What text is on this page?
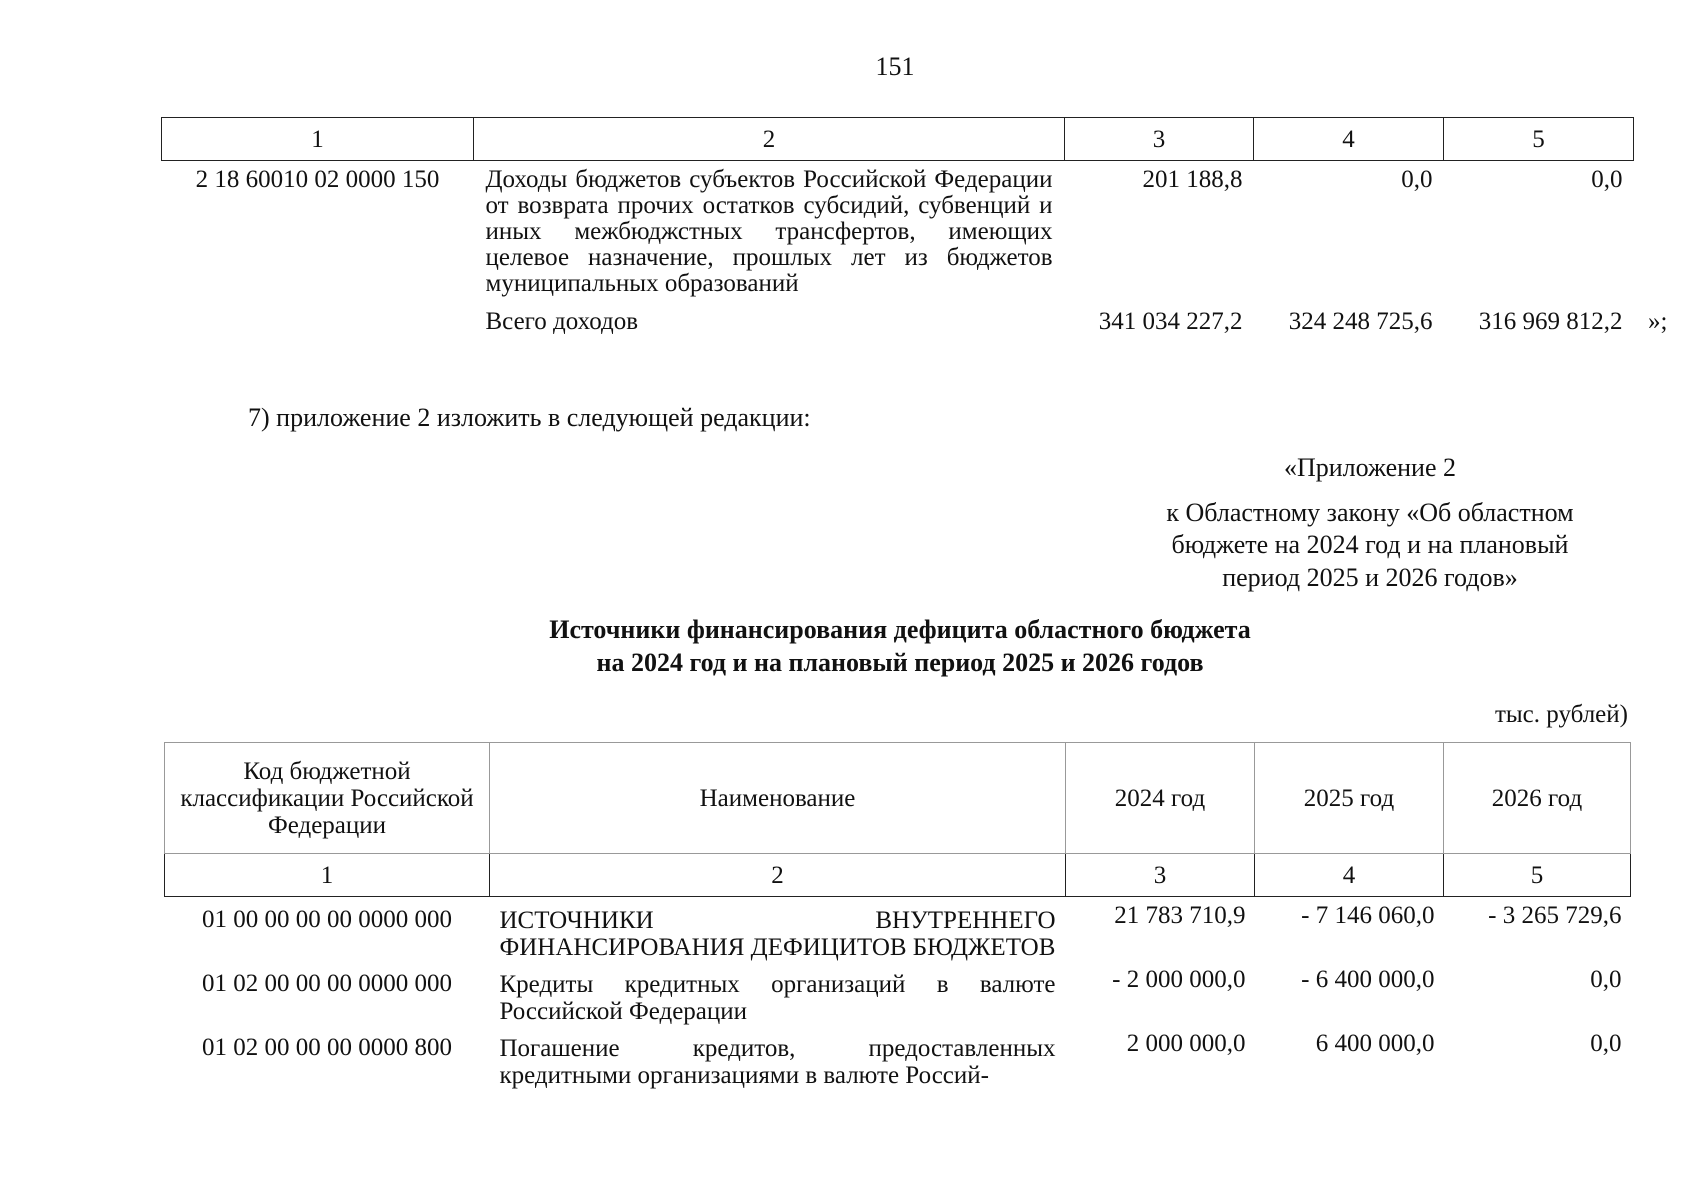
151
1	2	3	4	5
2 18 60010 02 0000 150	Доходы бюджетов субъектов Российской Федерации от возврата прочих остатков субсидий, субвенций и иных межбюджстных трансфертов, имеющих целевое назначение, прошлых лет из бюджетов муниципальных образований	201 188,8	0,0	0,0
	Всего доходов	341 034 227,2	324 248 725,6	316 969 812,2 »;
7) приложение 2 изложить в следующей редакции:
«Приложение 2
к Областному закону «Об областном
бюджете на 2024 год и на плановый
период 2025 и 2026 годов»
Источники финансирования дефицита областного бюджета
на 2024 год и на плановый период 2025 и 2026 годов
тыс. рублей)
Код бюджетной классификации Российской Федерации	Наименование	2024 год	2025 год	2026 год
1	2	3	4	5
01 00 00 00 00 0000 000	ИСТОЧНИКИ ВНУТРЕННЕГО ФИНАНСИРОВАНИЯ ДЕФИЦИТОВ БЮДЖЕТОВ	21 783 710,9	- 7 146 060,0	- 3 265 729,6
01 02 00 00 00 0000 000	Кредиты кредитных организаций в валюте Российской Федерации	- 2 000 000,0	- 6 400 000,0	0,0
01 02 00 00 00 0000 800	Погашение кредитов, предоставленных кредитными организациями в валюте Россий-	2 000 000,0	6 400 000,0	0,0
